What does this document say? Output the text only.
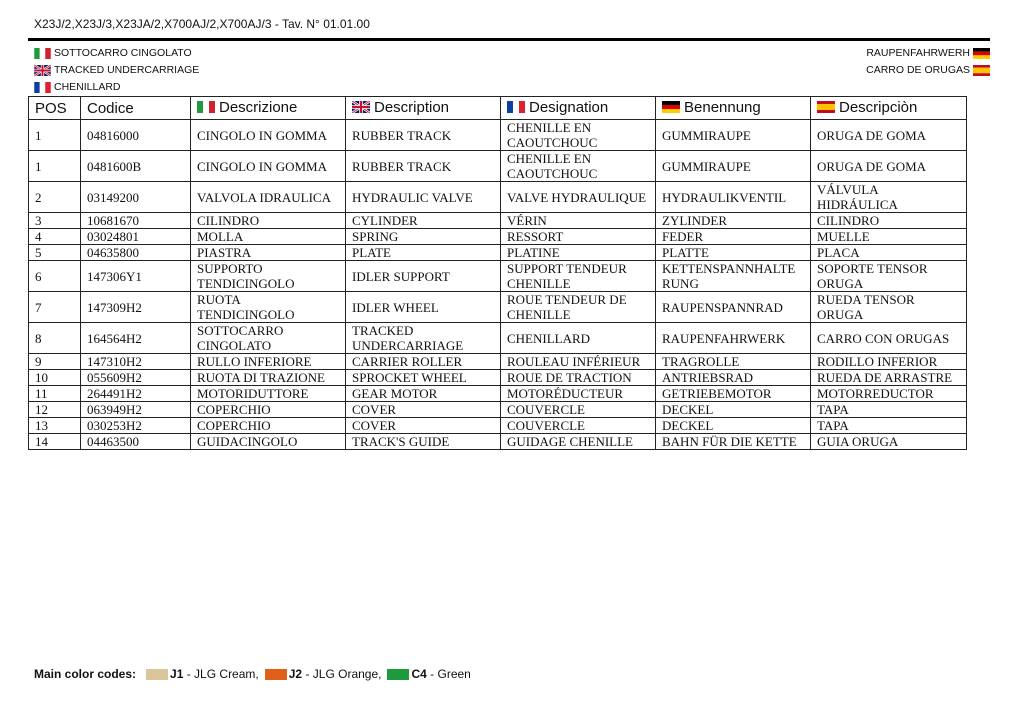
X23J/2,X23J/3,X23JA/2,X700AJ/2,X700AJ/3 - Tav. N° 01.01.00
SOTTOCARRO CINGOLATO
TRACKED UNDERCARRIAGE
CHENILLARD
RAUPENFAHRWERH
CARRO DE ORUGAS
POS	Codice	Descrizione	Description	Designation	Benennung	Descripciòn

1	04816000	CINGOLO IN GOMMA	RUBBER TRACK	CHENILLE EN CAOUTCHOUC	GUMMIRAUPE	ORUGA DE GOMA
1	0481600B	CINGOLO IN GOMMA	RUBBER TRACK	CHENILLE EN CAOUTCHOUC	GUMMIRAUPE	ORUGA DE GOMA
2	03149200	VALVOLA IDRAULICA	HYDRAULIC VALVE	VALVE HYDRAULIQUE	HYDRAULIKVENTIL	VÁLVULA HIDRÁULICA
3	10681670	CILINDRO	CYLINDER	VÉRIN	ZYLINDER	CILINDRO
4	03024801	MOLLA	SPRING	RESSORT	FEDER	MUELLE
5	04635800	PIASTRA	PLATE	PLATINE	PLATTE	PLACA
6	147306Y1	SUPPORTO TENDICINGOLO	IDLER SUPPORT	SUPPORT TENDEUR CHENILLE	KETTENSPANNHALTE RUNG	SOPORTE TENSOR ORUGA
7	147309H2	RUOTA TENDICINGOLO	IDLER WHEEL	ROUE TENDEUR DE CHENILLE	RAUPENSPANNRAD	RUEDA TENSOR ORUGA
8	164564H2	SOTTOCARRO CINGOLATO	TRACKED UNDERCARRIAGE	CHENILLARD	RAUPENFAHRWERK	CARRO CON ORUGAS
9	147310H2	RULLO INFERIORE	CARRIER ROLLER	ROULEAU INFÉRIEUR	TRAGROLLE	RODILLO INFERIOR
10	055609H2	RUOTA DI TRAZIONE	SPROCKET WHEEL	ROUE DE TRACTION	ANTRIEBSRAD	RUEDA DE ARRASTRE
11	264491H2	MOTORIDUTTORE	GEAR MOTOR	MOTORÉDUCTEUR	GETRIEBEMOTOR	MOTORREDUCTOR
12	063949H2	COPERCHIO	COVER	COUVERCLE	DECKEL	TAPA
13	030253H2	COPERCHIO	COVER	COUVERCLE	DECKEL	TAPA
14	04463500	GUIDACINGOLO	TRACK'S GUIDE	GUIDAGE CHENILLE	BAHN FÜR DIE KETTE	GUIA ORUGA
Main color codes:	J1 - JLG Cream,	J2 - JLG Orange,	C4 - Green
